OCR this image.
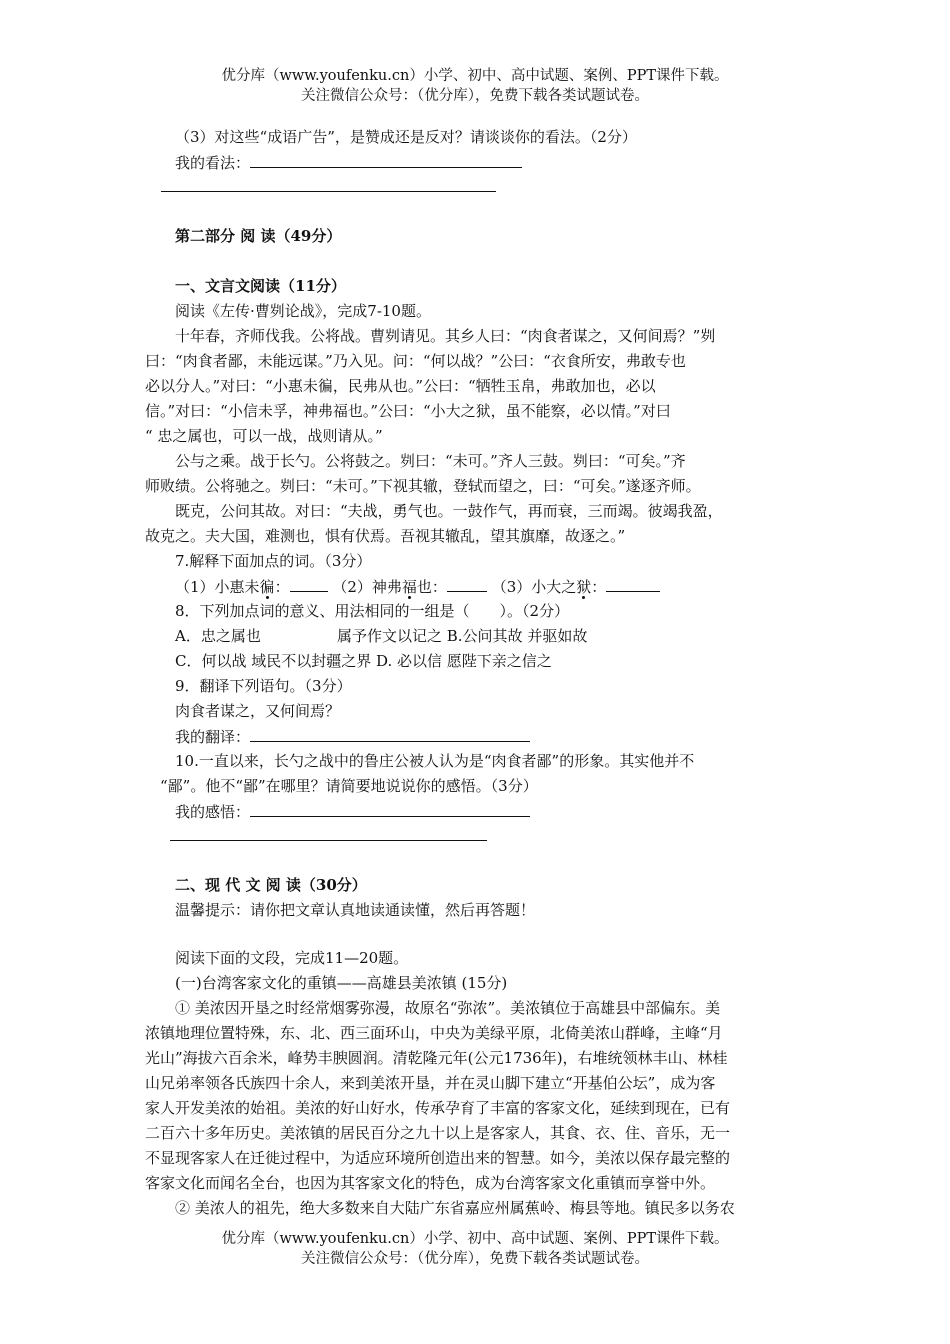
优分库（www.youfenku.cn）小学、初中、高中试题、案例、PPT课件下载。
关注微信公众号：（优分库），免费下载各类试题试卷。
（3）对这些“成语广告”，是赞成还是反对？请谈谈你的看法。（2分）
我的看法：
第二部分 阅 读（49分）
一、文言文阅读（11分）
阅读《左传·曹刿论战》，完成7-10题。
十年春，齐师伐我。公将战。曹刿请见。其乡人曰：“肉食者谋之，又何间焉？”刿
曰：“肉食者鄙，未能远谋。”乃入见。问：“何以战？”公曰：“衣食所安，弗敢专也
必以分人。”对曰：“小惠未徧，民弗从也。”公曰：“牺牲玉帛，弗敢加也，必以
信。”对曰：“小信未孚，神弗福也。”公曰：“小大之狱，虽不能察，必以情。”对曰
“ 忠之属也，可以一战，战则请从。”
公与之乘。战于长勺。公将鼓之。刿曰：“未可。”齐人三鼓。刿曰：“可矣。”齐
师败绩。公将驰之。刿曰：“未可。”下视其辙，登轼而望之，曰：“可矣。”遂逐齐师。
既克，公问其故。对曰：“夫战，勇气也。一鼓作气，再而衰，三而竭。彼竭我盈，
故克之。夫大国，难测也，惧有伏焉。吾视其辙乱，望其旗靡，故逐之。”
7.解释下面加点的词。（3分）
（1）小惠未徧：	（2）神弗福也：	（3）小大之狱：
8．下列加点词的意义、用法相同的一组是（　　）。（2分）
A．忠之属也	属予作文以记之 B.公问其故 并驱如故
C．何以战 域民不以封疆之界 D. 必以信 愿陛下亲之信之
9．翻译下列语句。（3分）
肉食者谋之，又何间焉？
我的翻译：
10.一直以来，长勺之战中的鲁庄公被人认为是“肉食者鄙”的形象。其实他并不
“鄙”。他不“鄙”在哪里？请简要地说说你的感悟。（3分）
我的感悟：
二、现 代 文 阅 读（30分）
温馨提示：请你把文章认真地读通读懂，然后再答题！
阅读下面的文段，完成11—20题。
(一)台湾客家文化的重镇——高雄县美浓镇 (15分)
① 美浓因开垦之时经常烟雾弥漫，故原名“弥浓”。美浓镇位于高雄县中部偏东。美
浓镇地理位置特殊，东、北、西三面环山，中央为美绿平原，北倚美浓山群峰，主峰“月
光山”海拔六百余米，峰势丰腴圆润。清乾隆元年(公元1736年)，右堆统领林丰山、林桂
山兄弟率领各氏族四十余人，来到美浓开垦，并在灵山脚下建立“开基伯公坛”，成为客
家人开发美浓的始祖。美浓的好山好水，传承孕育了丰富的客家文化，延续到现在，已有
二百六十多年历史。美浓镇的居民百分之九十以上是客家人，其食、衣、住、音乐，无一
不显现客家人在迁徙过程中，为适应环境所创造出来的智慧。如今，美浓以保存最完整的
客家文化而闻名全台，也因为其客家文化的特色，成为台湾客家文化重镇而享誉中外。
② 美浓人的祖先，绝大多数来自大陆广东省嘉应州属蕉岭、梅县等地。镇民多以务农
优分库（www.youfenku.cn）小学、初中、高中试题、案例、PPT课件下载。
关注微信公众号：（优分库），免费下载各类试题试卷。
